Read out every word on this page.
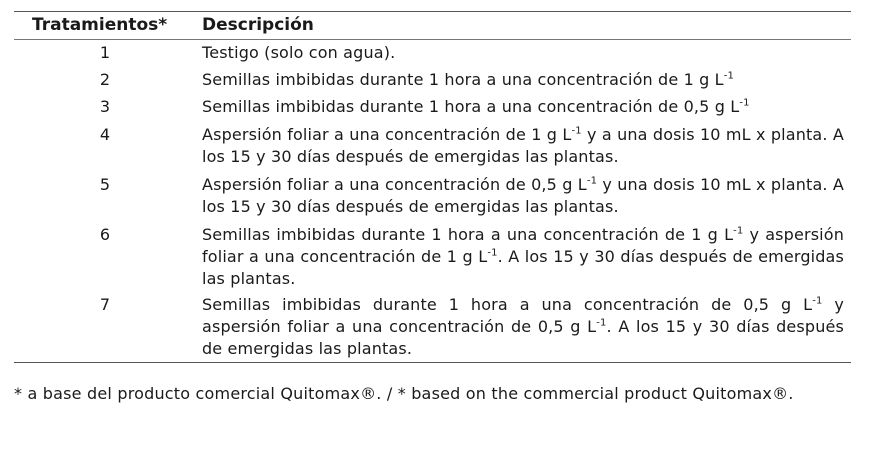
Tratamientos* Descripción
1	Testigo (solo con agua).
2	Semillas imbibidas durante 1 hora a una concentración de 1 g $L^{-1}$
3	Semillas imbibidas durante 1 hora a una concentración de 0,5 g $L^{-1}$
4	Aspersión foliar a una concentración de 1 g $L^{-1}$ y a una dosis 10 mL x planta. A los 15 y 30 días después de emergidas las plantas.
5	Aspersión foliar a una concentración de 0,5 g $L^{-1}$ y una dosis 10 mL x planta. A los 15 y 30 días después de emergidas las plantas.
6	Semillas imbibidas durante 1 hora a una concentración de 1 g $L^{-1}$ y aspersión foliar a una concentración de 1 g $L^{-1}$. A los 15 y 30 días después de emergidas las plantas.
7	Semillas imbibidas durante 1 hora a una concentración de 0,5 g $L^{-1}$ y aspersión foliar a una concentración de 0,5 g $L^{-1}$. A los 15 y 30 días después de emergidas las plantas.
* a base del producto comercial Quitomax®. / * based on the commercial product Quitomax®.
